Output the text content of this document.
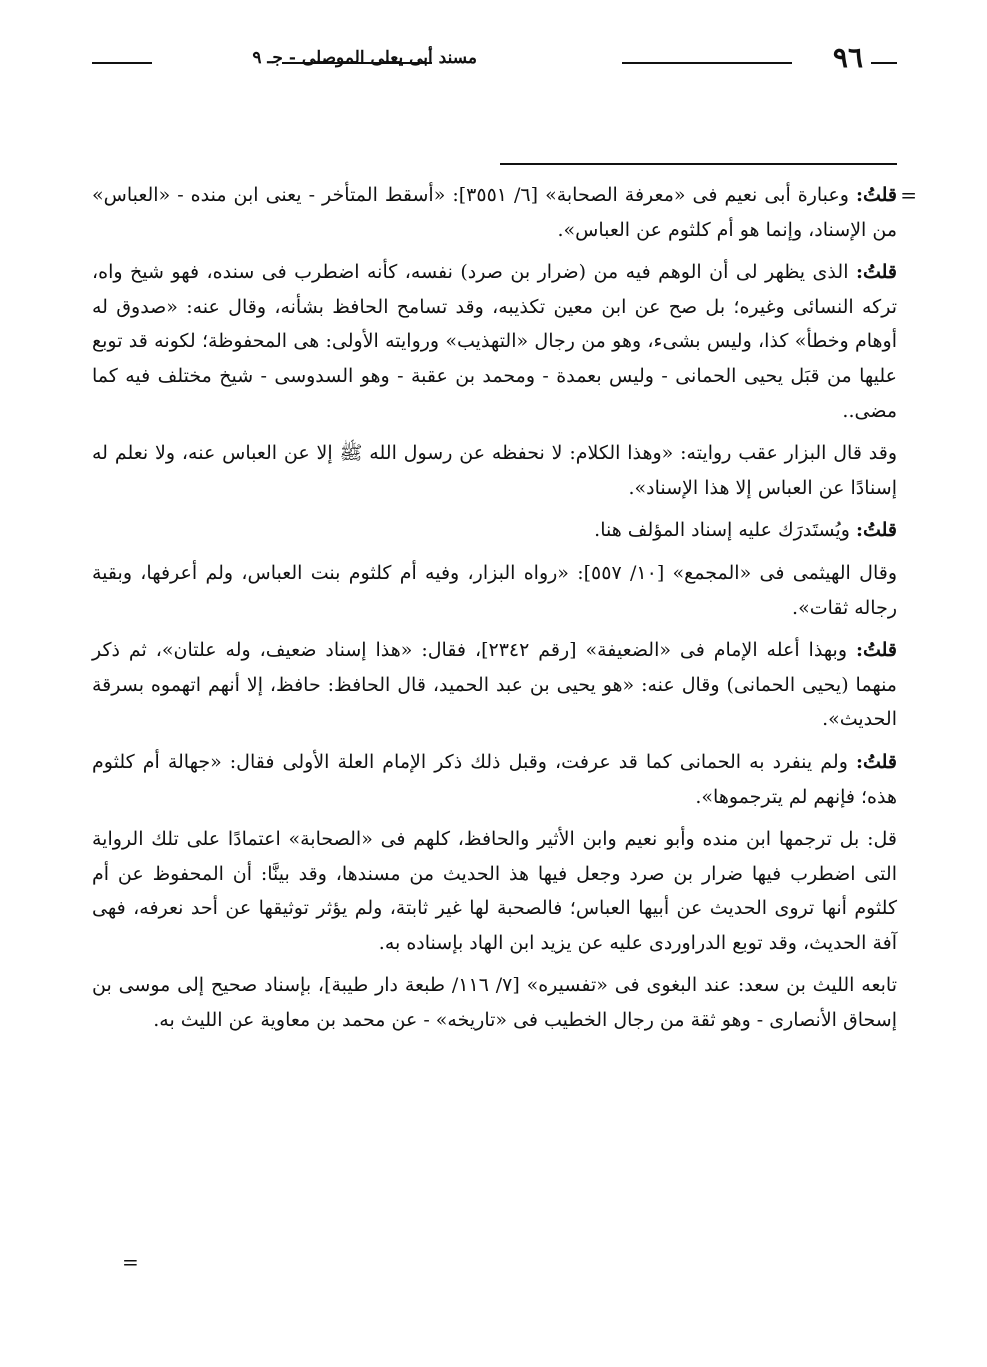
٩٦
مسند أبى يعلى الموصلى - جـ ٩

=
قلتُ: وعبارة أبى نعيم فى «معرفة الصحابة» [٦/ ٣٥٥١]: «أسقط المتأخر - يعنى ابن منده - «العباس» من الإسناد، وإنما هو أم كلثوم عن العباس».

قلتُ: الذى يظهر لى أن الوهم فيه من (ضرار بن صرد) نفسه، كأنه اضطرب فى سنده، فهو شيخ واه، تركه النسائى وغيره؛ بل صح عن ابن معين تكذيبه، وقد تسامح الحافظ بشأنه، وقال عنه: «صدوق له أوهام وخطأ» كذا، وليس بشىء، وهو من رجال «التهذيب» وروايته الأولى: هى المحفوظة؛ لكونه قد توبع عليها من قبَل يحيى الحمانى - وليس بعمدة - ومحمد بن عقبة - وهو السدوسى - شيخ مختلف فيه كما مضى..

وقد قال البزار عقب روايته: «وهذا الكلام: لا نحفظه عن رسول الله ﷺ إلا عن العباس عنه، ولا نعلم له إسنادًا عن العباس إلا هذا الإسناد».

قلتُ: ويُستَدرَك عليه إسناد المؤلف هنا.

وقال الهيثمى فى «المجمع» [١٠/ ٥٥٧]: «رواه البزار، وفيه أم كلثوم بنت العباس، ولم أعرفها، وبقية رجاله ثقات».

قلتُ: وبهذا أعله الإمام فى «الضعيفة» [رقم ٢٣٤٢]، فقال: «هذا إسناد ضعيف، وله علتان»، ثم ذكر منهما (يحيى الحمانى) وقال عنه: «هو يحيى بن عبد الحميد، قال الحافظ: حافظ، إلا أنهم اتهموه بسرقة الحديث».

قلتُ: ولم ينفرد به الحمانى كما قد عرفت، وقبل ذلك ذكر الإمام العلة الأولى فقال: «جهالة أم كلثوم هذه؛ فإنهم لم يترجموها».

قل: بل ترجمها ابن منده وأبو نعيم وابن الأثير والحافظ، كلهم فى «الصحابة» اعتمادًا على تلك الرواية التى اضطرب فيها ضرار بن صرد وجعل فيها هذ الحديث من مسندها، وقد بينَّا: أن المحفوظ عن أم كلثوم أنها تروى الحديث عن أبيها العباس؛ فالصحبة لها غير ثابتة، ولم يؤثر توثيقها عن أحد نعرفه، فهى آفة الحديث، وقد توبع الدراوردى عليه عن يزيد ابن الهاد بإسناده به.

تابعه الليث بن سعد: عند البغوى فى «تفسيره» [٧/ ١١٦/ طبعة دار طيبة]، بإسناد صحيح إلى موسى بن إسحاق الأنصارى - وهو ثقة من رجال الخطيب فى «تاريخه» - عن محمد بن معاوية عن الليث به.

=
